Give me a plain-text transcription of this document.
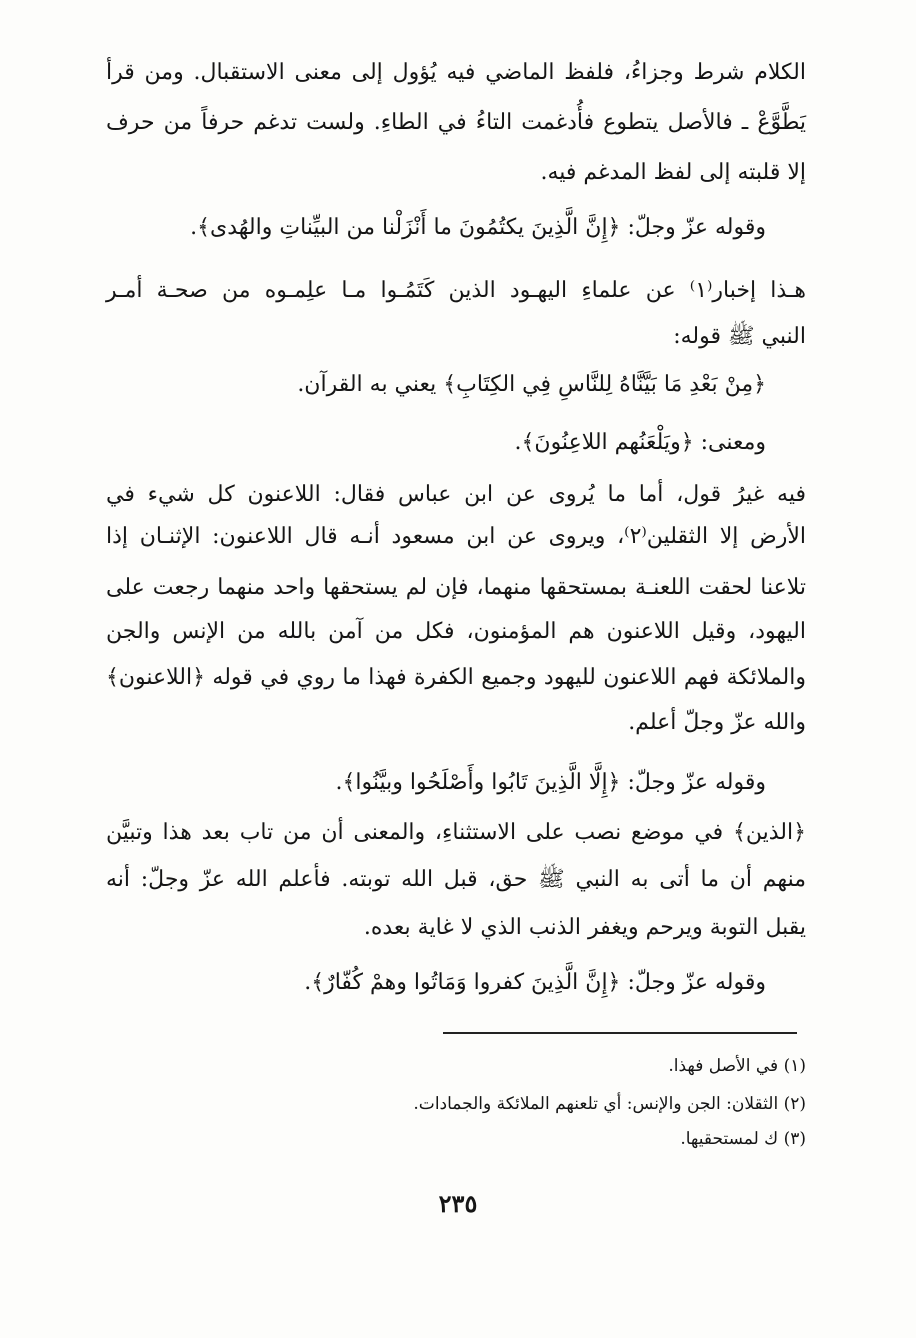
الكلام شرط وجزاءُ، فلفظ الماضي فيه يُؤول إلى معنى الاستقبال. ومن قرأ
يَطَّوَّعْ ـ فالأصل يتطوع فأُدغمت التاءُ في الطاءِ. ولست تدغم حرفاً من حرف
إلا قلبته إلى لفظ المدغم فيه.
وقوله عزّ وجلّ: ﴿إِنَّ الَّذِينَ يكتُمُونَ ما أَنْزَلْنا من البيِّناتِ والهُدى﴾.
هـذا إخبار⁽١⁾ عن علماءِ اليهـود الذين كَتَمُـوا مـا علِمـوه من صحـة أمـر
النبي ﷺ قوله:
﴿مِنْ بَعْدِ مَا بَيَّنَّاهُ لِلنَّاسِ فِي الكِتَابِ﴾ يعني به القرآن.
ومعنى: ﴿ويَلْعَنُهم اللاعِنُونَ﴾.
فيه غيرُ قول، أما ما يُروى عن ابن عباس فقال: اللاعنون كل شيء في
الأرض إلا الثقلين⁽٢⁾، ويروى عن ابن مسعود أنـه قال اللاعنون: الإثنـان إذا
تلاعنا لحقت اللعنـة بمستحقها منهما، فإن لم يستحقها واحد منهما رجعت على
اليهود، وقيل اللاعنون هم المؤمنون، فكل من آمن بالله من الإنس والجن
والملائكة فهم اللاعنون لليهود وجميع الكفرة فهذا ما روي في قوله ﴿اللاعنون﴾
والله عزّ وجلّ أعلم.
وقوله عزّ وجلّ: ﴿إِلَّا الَّذِينَ تَابُوا وأَصْلَحُوا وبيَّنُوا﴾.
﴿الذين﴾ في موضع نصب على الاستثناءِ، والمعنى أن من تاب بعد هذا وتبيَّن
منهم أن ما أتى به النبي ﷺ حق، قبل الله توبته. فأعلم الله عزّ وجلّ: أنه
يقبل التوبة ويرحم ويغفر الذنب الذي لا غاية بعده.
وقوله عزّ وجلّ: ﴿إِنَّ الَّذِينَ كفروا وَمَاتُوا وهمْ كُفّارٌ﴾.
(١) في الأصل فهذا.
(٢) الثقلان: الجن والإنس: أي تلعنهم الملائكة والجمادات.
(٣) ك لمستحقيها.
٢٣٥
